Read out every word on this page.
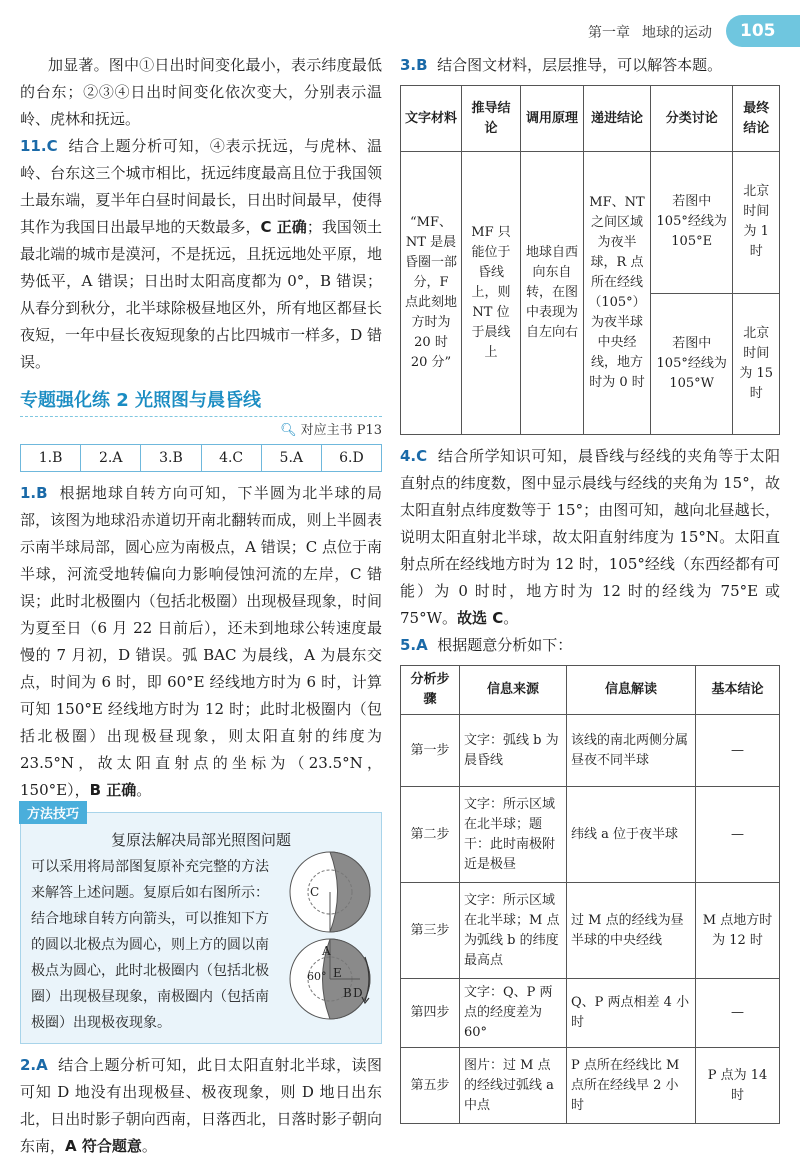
第一章 地球的运动	105

加显著。图中①日出时间变化最小，表示纬度最低的台东；②③④日出时间变化依次变大，分别表示温岭、虎林和抚远。

11.C 结合上题分析可知，④表示抚远，与虎林、温岭、台东这三个城市相比，抚远纬度最高且位于我国领土最东端，夏半年白昼时间最长，日出时间最早，使得其作为我国日出最早地的天数最多，C 正确；我国领土最北端的城市是漠河，不是抚远，且抚远地处平原，地势低平，A 错误；日出时太阳高度都为 0°，B 错误；从春分到秋分，北半球除极昼地区外，所有地区都昼长夜短，一年中昼长夜短现象的占比四城市一样多，D 错误。

专题强化练 2 光照图与晨昏线
🔍︎ 对应主书 P13
1.B	2.A	3.B	4.C	5.A	6.D

1.B 根据地球自转方向可知，下半圆为北半球的局部，该图为地球沿赤道切开南北翻转而成，则上半圆表示南半球局部，圆心应为南极点，A 错误；C 点位于南半球，河流受地转偏向力影响侵蚀河流的左岸，C 错误；此时北极圈内（包括北极圈）出现极昼现象，时间为夏至日（6 月 22 日前后），还未到地球公转速度最慢的 7 月初，D 错误。弧 BAC 为晨线，A 为晨东交点，时间为 6 时，即 60°E 经线地方时为 6 时，计算可知 150°E 经线地方时为 12 时；此时北极圈内（包括北极圈）出现极昼现象，则太阳直射的纬度为 23.5°N，故太阳直射点的坐标为（23.5°N，150°E），B 正确。

方法技巧
复原法解决局部光照图问题
可以采用将局部图复原补充完整的方法来解答上述问题。复原后如右图所示：结合地球自转方向箭头，可以推知下方的圆以北极点为圆心，则上方的圆以南极点为圆心，此时北极圈内（包括北极圈）出现极昼现象，南极圈内（包括南极圈）出现极夜现象。
C
A
E
60°
B D

2.A 结合上题分析可知，此日太阳直射北半球，读图可知 D 地没有出现极昼、极夜现象，则 D 地日出东北，日出时影子朝向西南，日落西北，日落时影子朝向东南，A 符合题意。

3.B 结合图文材料，层层推导，可以解答本题。

文字材料	推导结论	调用原理	递进结论	分类讨论	最终结论
“MF、NT 是晨昏圈一部分，F 点此刻地方时为 20 时 20 分”	MF 只能位于昏线上，则 NT 位于晨线上	地球自西向东自转，在图中表现为自左向右	MF、NT 之间区域为夜半球，R 点所在经线（105°）为夜半球中央经线，地方时为 0 时	若图中 105°经线为 105°E	北京时间为 1 时
				若图中 105°经线为 105°W	北京时间为 15 时

4.C 结合所学知识可知，晨昏线与经线的夹角等于太阳直射点的纬度数，图中显示晨线与经线的夹角为 15°，故太阳直射点纬度数等于 15°；由图可知，越向北昼越长，说明太阳直射北半球，故太阳直射纬度为 15°N。太阳直射点所在经线地方时为 12 时，105°经线（东西经都有可能）为 0 时时，地方时为 12 时的经线为 75°E 或 75°W。故选 C。

5.A 根据题意分析如下：

分析步骤	信息来源	信息解读	基本结论
第一步	文字：弧线 b 为晨昏线	该线的南北两侧分属昼夜不同半球	—
第二步	文字：所示区域在北半球；题干：此时南极附近是极昼	纬线 a 位于夜半球	—
第三步	文字：所示区域在北半球；M 点为弧线 b 的纬度最高点	过 M 点的经线为昼半球的中央经线	M 点地方时为 12 时
第四步	文字：Q、P 两点的经度差为 60°	Q、P 两点相差 4 小时	—
第五步	图片：过 M 点的经线过弧线 a 中点	P 点所在经线比 M 点所在经线早 2 小时	P 点为 14 时
